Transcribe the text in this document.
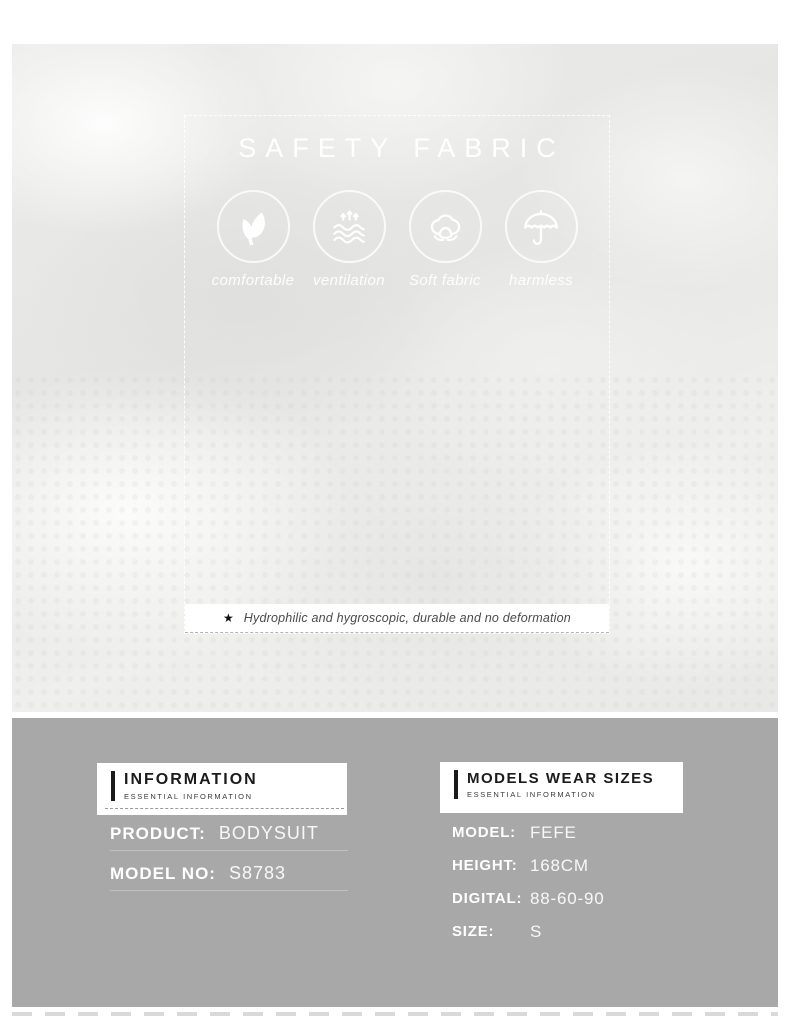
SAFETY FABRIC
comfortable ventilation Soft fabric harmless
★ Hydrophilic and hygroscopic, durable and no deformation
INFORMATION
ESSENTIAL INFORMATION
PRODUCT: BODYSUIT
MODEL NO: S8783
MODELS WEAR SIZES
ESSENTIAL INFORMATION
MODEL: FEFE
HEIGHT: 168CM
DIGITAL: 88-60-90
SIZE:	S
